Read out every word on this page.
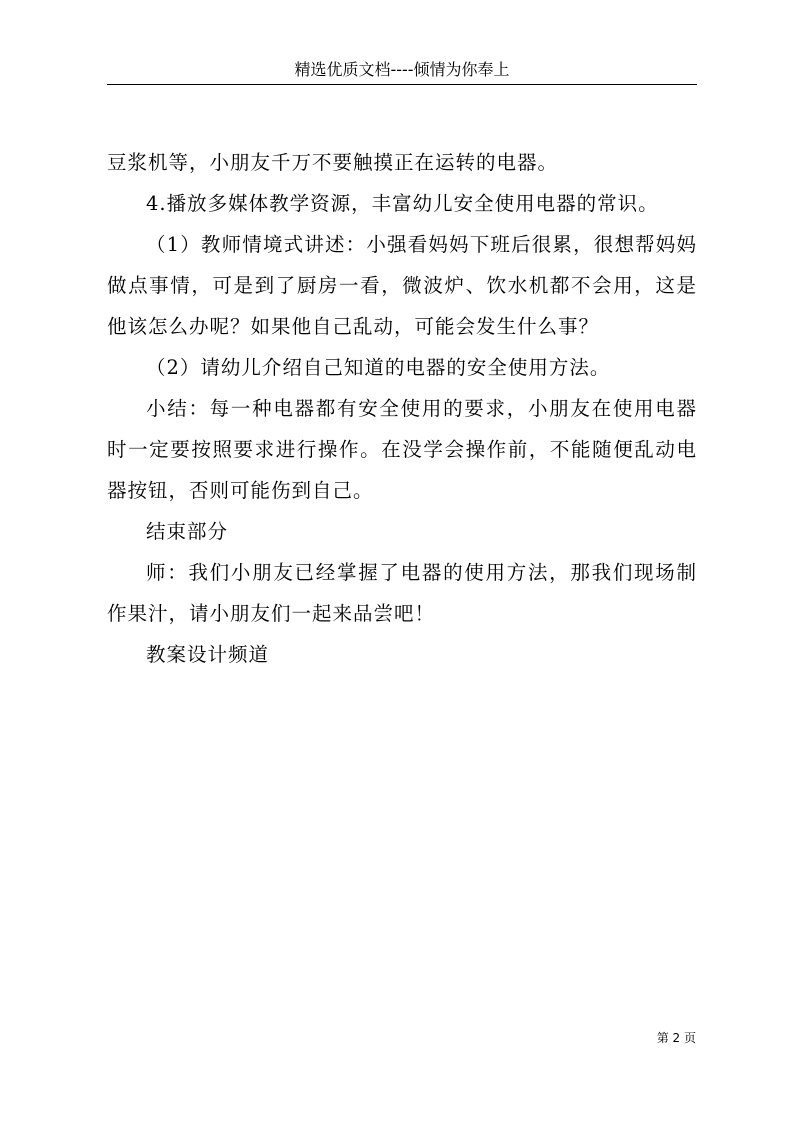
精选优质文档----倾情为你奉上

豆浆机等，小朋友千万不要触摸正在运转的电器。

4.播放多媒体教学资源，丰富幼儿安全使用电器的常识。

（1）教师情境式讲述：小强看妈妈下班后很累，很想帮妈妈做点事情，可是到了厨房一看，微波炉、饮水机都不会用，这是他该怎么办呢？如果他自己乱动，可能会发生什么事？

（2）请幼儿介绍自己知道的电器的安全使用方法。

小结：每一种电器都有安全使用的要求，小朋友在使用电器时一定要按照要求进行操作。在没学会操作前，不能随便乱动电器按钮，否则可能伤到自己。

结束部分

师：我们小朋友已经掌握了电器的使用方法，那我们现场制作果汁，请小朋友们一起来品尝吧！

教案设计频道

第 2 页
